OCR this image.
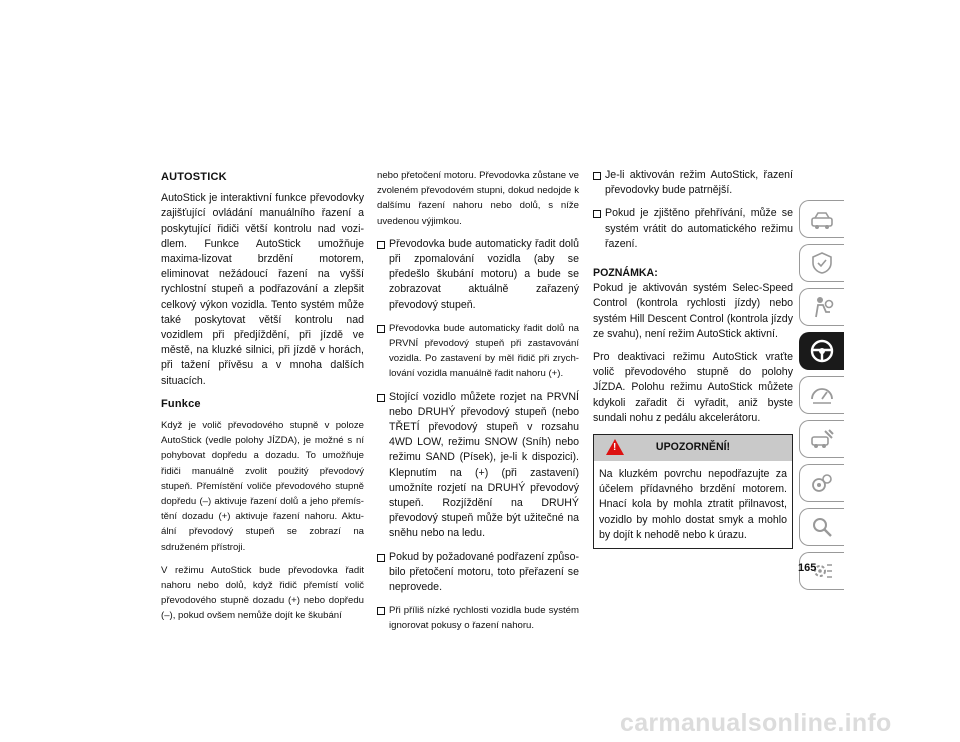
AUTOSTICK

AutoStick je interaktivní funkce převodovky zajišťující ovládání manuálního řazení a poskytující řidiči větší kontrolu nad vozi-dlem. Funkce AutoStick umožňuje maxima-lizovat brzdění motorem, eliminovat nežádoucí řazení na vyšší rychlostní stupeň a podřazování a zlepšit celkový výkon vozidla. Tento systém může také poskytovat větší kontrolu nad vozidlem při předjíždění, při jízdě ve městě, na kluzké silnici, při jízdě v horách, při tažení přívěsu a v mnoha dalších situacích.

Funkce

Když je volič převodového stupně v poloze AutoStick (vedle polohy JÍZDA), je možné s ní pohybovat dopředu a dozadu. To umožňuje řidiči manuálně zvolit použitý převodový stupeň. Přemístění voliče převodového stupně dopředu (–) aktivuje řazení dolů a jeho přemís-tění dozadu (+) aktivuje řazení nahoru. Aktu-ální převodový stupeň se zobrazí na sdruženém přístroji.

V režimu AutoStick bude převodovka řadit nahoru nebo dolů, když řidič přemístí volič převodového stupně dozadu (+) nebo dopředu (–), pokud ovšem nemůže dojít ke škubání

nebo přetočení motoru. Převodovka zůstane ve zvoleném převodovém stupni, dokud nedojde k dalšímu řazení nahoru nebo dolů, s níže uvedenou výjimkou.

Převodovka bude automaticky řadit dolů při zpomalování vozidla (aby se předešlo škubání motoru) a bude se zobrazovat aktuálně zařazený převodový stupeň.
Převodovka bude automaticky řadit dolů na PRVNÍ převodový stupeň při zastavování vozidla. Po zastavení by měl řidič při zrych-lování vozidla manuálně řadit nahoru (+).
Stojící vozidlo můžete rozjet na PRVNÍ nebo DRUHÝ převodový stupeň (nebo TŘETÍ převodový stupeň v rozsahu 4WD LOW, režimu SNOW (Sníh) nebo režimu SAND (Písek), je-li k dispozici). Klepnutím na (+) (při zastavení) umožníte rozjetí na DRUHÝ převodový stupeň. Rozjíždění na DRUHÝ převodový stupeň může být užitečné na sněhu nebo na ledu.
Pokud by požadované podřazení způso-bilo přetočení motoru, toto přeřazení se neprovede.
Při příliš nízké rychlosti vozidla bude systém ignorovat pokusy o řazení nahoru.
Je-li aktivován režim AutoStick, řazení převodovky bude patrnější.
Pokud je zjištěno přehřívání, může se systém vrátit do automatického režimu řazení.

POZNÁMKA:

Pokud je aktivován systém Selec-Speed Control (kontrola rychlosti jízdy) nebo systém Hill Descent Control (kontrola jízdy ze svahu), není režim AutoStick aktivní.

Pro deaktivaci režimu AutoStick vraťte volič převodového stupně do polohy JÍZDA. Polohu režimu AutoStick můžete kdykoli zařadit či vyřadit, aniž byste sundali nohu z pedálu akcelerátoru.

!	UPOZORNĚNÍ!
Na kluzkém povrchu nepodřazujte za účelem přídavného brzdění motorem. Hnací kola by mohla ztratit přilnavost, vozidlo by mohlo dostat smyk a mohlo by dojít k nehodě nebo k úrazu.
165
carmanualsonline.info
